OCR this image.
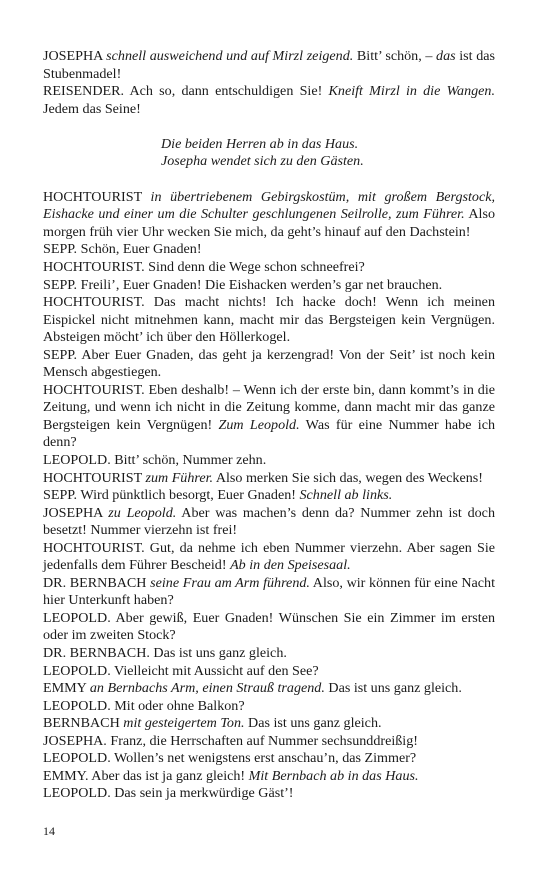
JOSEPHA schnell ausweichend und auf Mirzl zeigend. Bitt’ schön, – das ist das Stubenmadel!

REISENDER. Ach so, dann entschuldigen Sie! Kneift Mirzl in die Wangen. Jedem das Seine!

Die beiden Herren ab in das Haus.
Josepha wendet sich zu den Gästen.

HOCHTOURIST in übertriebenem Gebirgskostüm, mit großem Bergstock, Eishacke und einer um die Schulter geschlungenen Seilrolle, zum Führer. Also morgen früh vier Uhr wecken Sie mich, da geht’s hinauf auf den Dachstein!

SEPP. Schön, Euer Gnaden!

HOCHTOURIST. Sind denn die Wege schon schneefrei?

SEPP. Freili’, Euer Gnaden! Die Eishacken werden’s gar net brauchen.

HOCHTOURIST. Das macht nichts! Ich hacke doch! Wenn ich meinen Eispickel nicht mitnehmen kann, macht mir das Bergsteigen kein Vergnügen. Absteigen möcht’ ich über den Höllerkogel.

SEPP. Aber Euer Gnaden, das geht ja kerzengrad! Von der Seit’ ist noch kein Mensch abgestiegen.

HOCHTOURIST. Eben deshalb! – Wenn ich der erste bin, dann kommt’s in die Zeitung, und wenn ich nicht in die Zeitung komme, dann macht mir das ganze Bergsteigen kein Vergnügen! Zum Leopold. Was für eine Nummer habe ich denn?

LEOPOLD. Bitt’ schön, Nummer zehn.

HOCHTOURIST zum Führer. Also merken Sie sich das, wegen des Weckens!

SEPP. Wird pünktlich besorgt, Euer Gnaden! Schnell ab links.

JOSEPHA zu Leopold. Aber was machen’s denn da? Nummer zehn ist doch besetzt! Nummer vierzehn ist frei!

HOCHTOURIST. Gut, da nehme ich eben Nummer vierzehn. Aber sagen Sie jedenfalls dem Führer Bescheid! Ab in den Speisesaal.

DR. BERNBACH seine Frau am Arm führend. Also, wir können für eine Nacht hier Unterkunft haben?

LEOPOLD. Aber gewiß, Euer Gnaden! Wünschen Sie ein Zimmer im ersten oder im zweiten Stock?

DR. BERNBACH. Das ist uns ganz gleich.

LEOPOLD. Vielleicht mit Aussicht auf den See?

EMMY an Bernbachs Arm, einen Strauß tragend. Das ist uns ganz gleich.

LEOPOLD. Mit oder ohne Balkon?

BERNBACH mit gesteigertem Ton. Das ist uns ganz gleich.

JOSEPHA. Franz, die Herrschaften auf Nummer sechsunddreißig!

LEOPOLD. Wollen’s net wenigstens erst anschau’n, das Zimmer?

EMMY. Aber das ist ja ganz gleich! Mit Bernbach ab in das Haus.

LEOPOLD. Das sein ja merkwürdige Gäst’!

14
